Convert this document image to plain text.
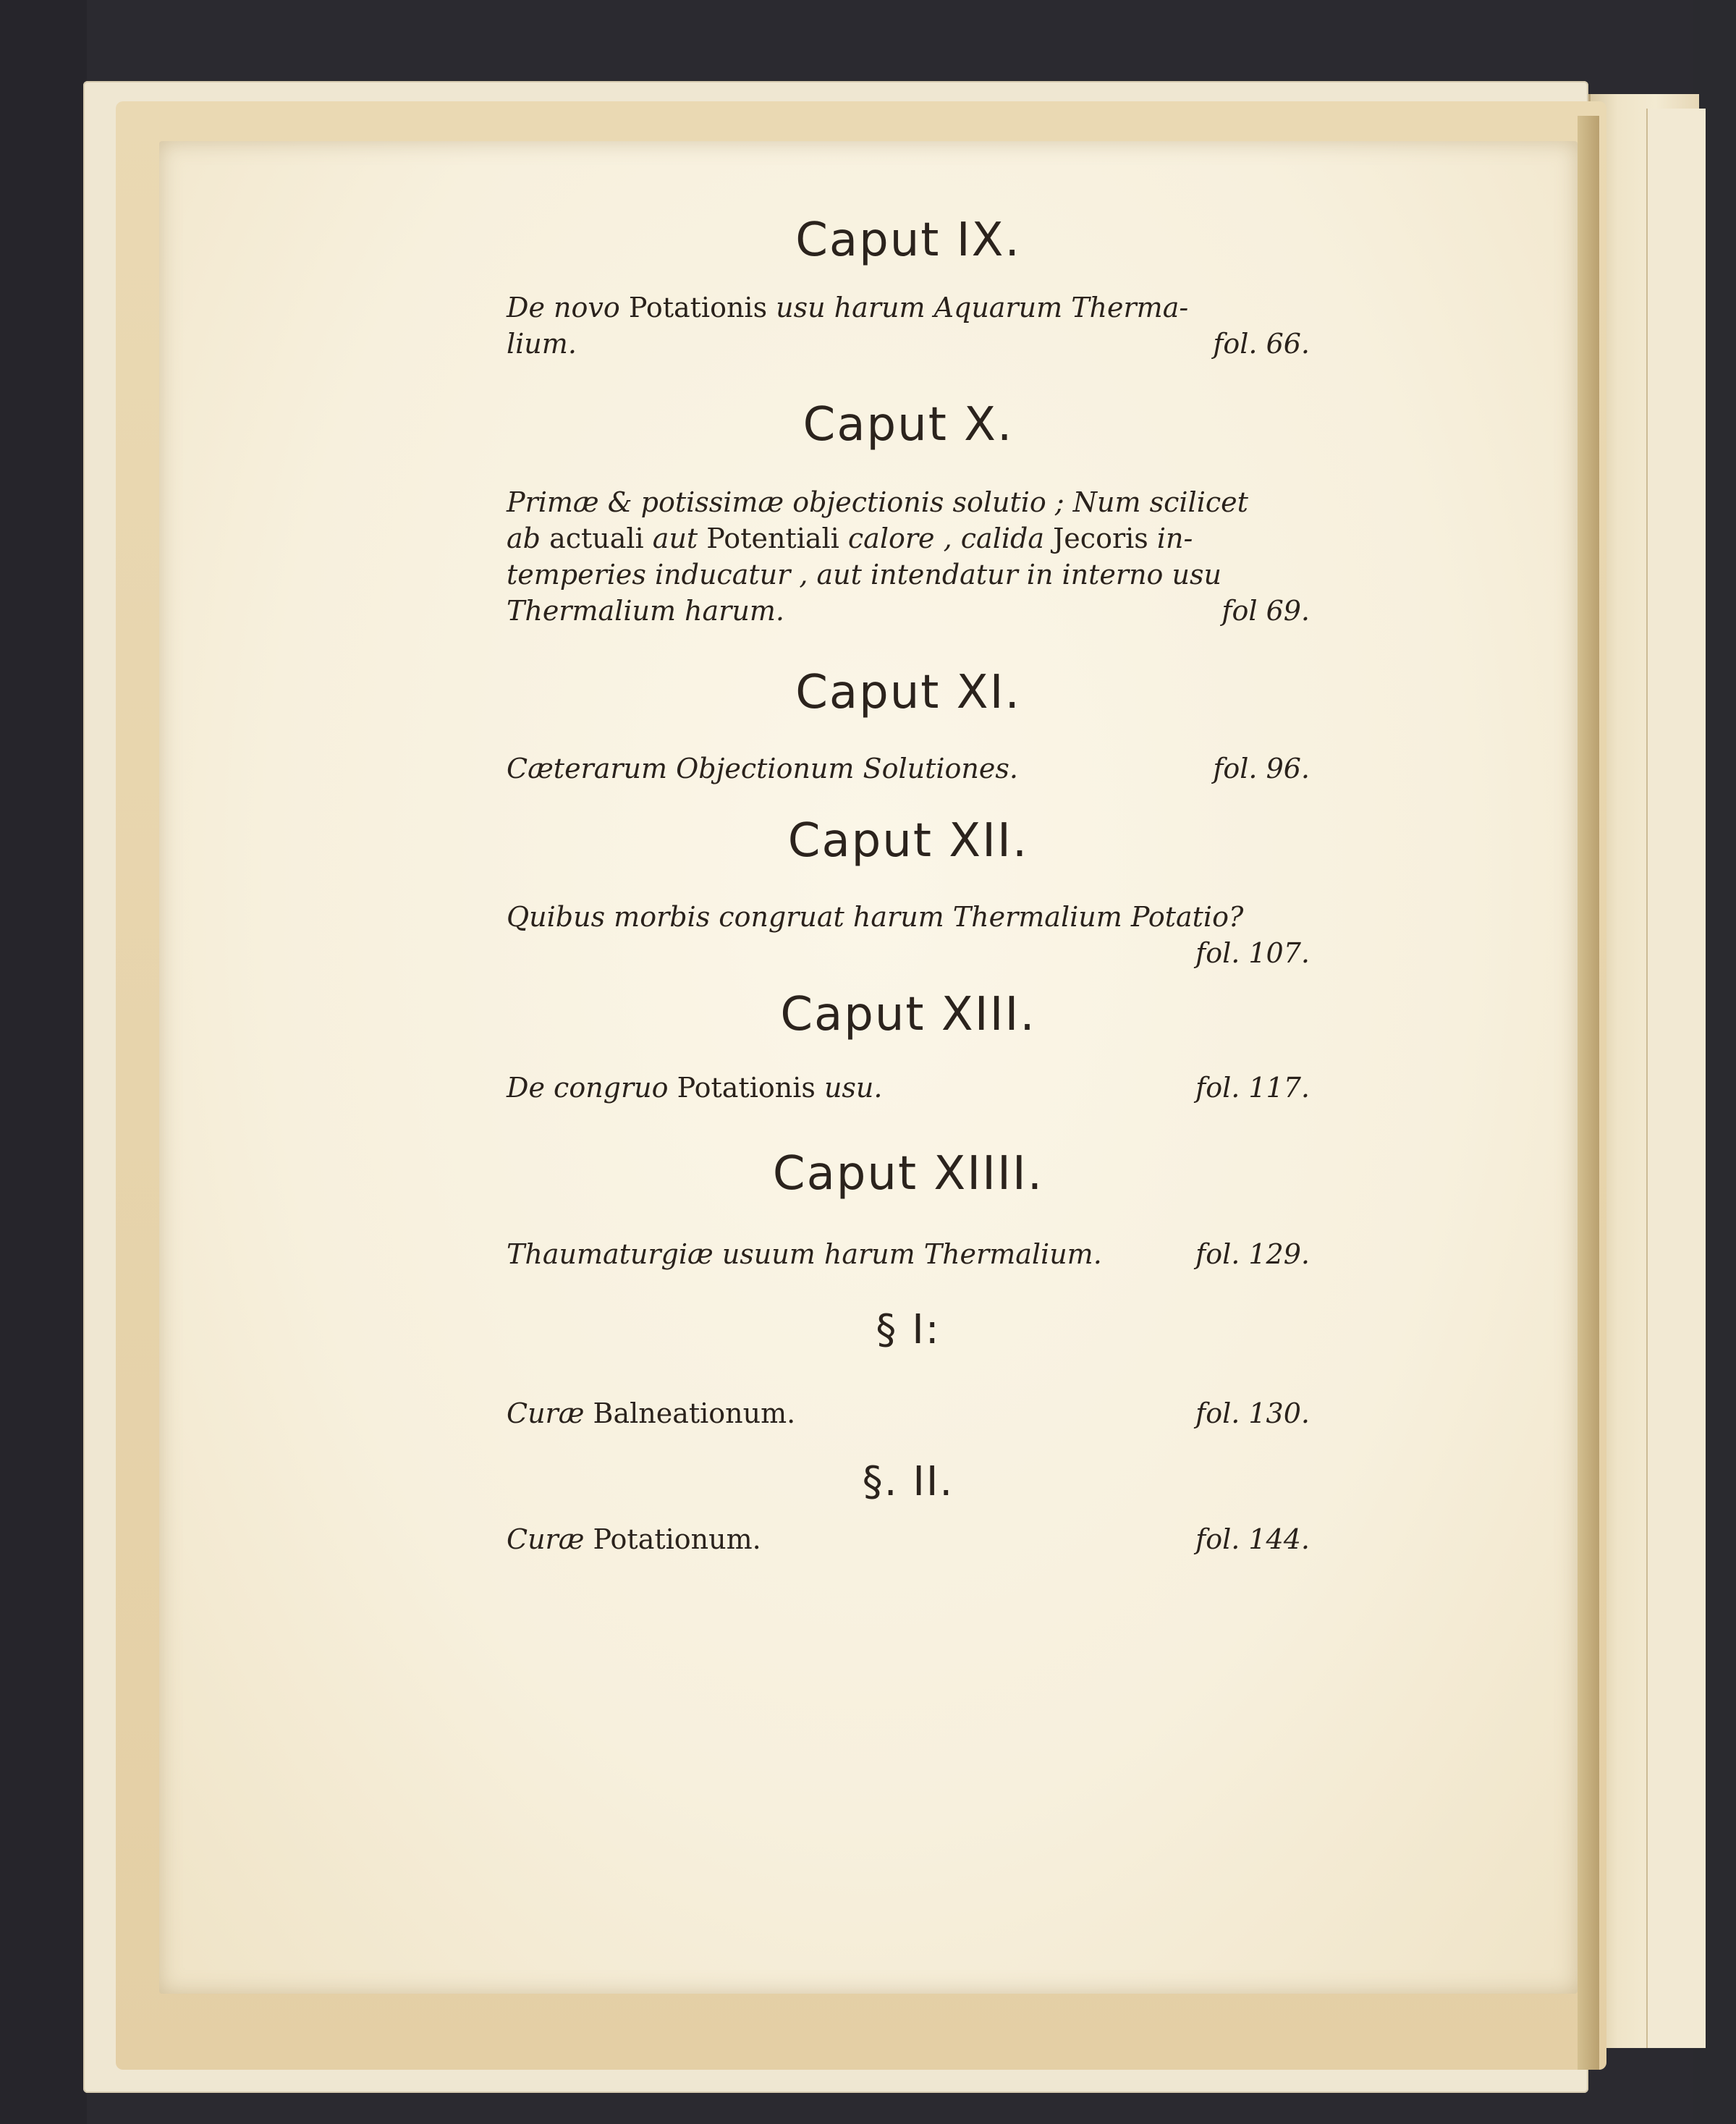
Caput IX.
De novo Potationis usu harum Aquarum Therma-
lium.	fol. 66.
Caput X.
Primæ & potissimæ objectionis solutio ; Num scilicet
ab actuali aut Potentiali calore , calida Jecoris in-
temperies inducatur , aut intendatur in interno usu
Thermalium harum.	fol 69.
Caput XI.
Cæterarum Objectionum Solutiones.	fol. 96.
Caput XII.
Quibus morbis congruat harum Thermalium Potatio?
fol. 107.
Caput XIII.
De congruo Potationis usu.	fol. 117.
Caput XIIII.
Thaumaturgiæ usuum harum Thermalium.	fol. 129.
§ I:
Curæ Balneationum.	fol. 130.
§. II.
Curæ Potationum.	fol. 144.
